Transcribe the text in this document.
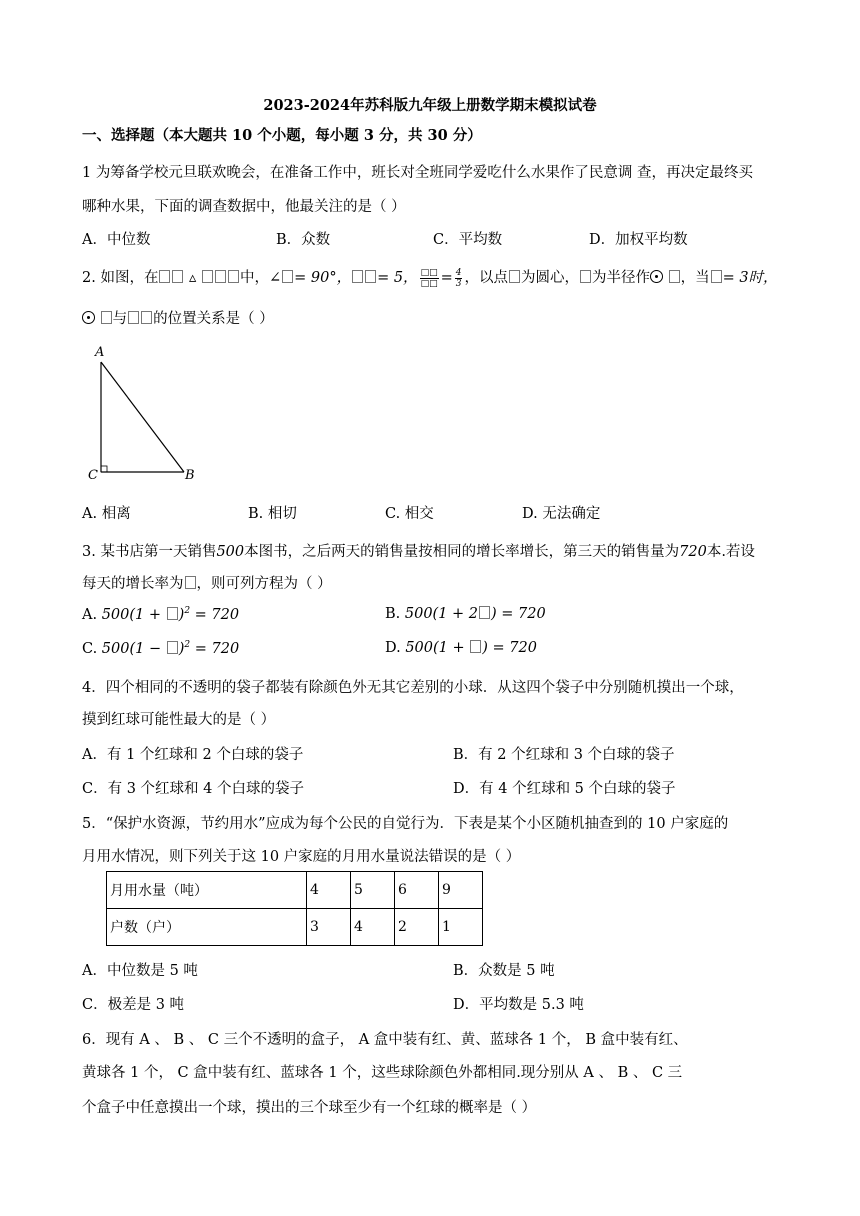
2023-2024年苏科版九年级上册数学期末模拟试卷
一、选择题（本大题共 10 个小题，每小题 3 分，共 30 分）
1 为筹备学校元旦联欢晚会，在准备工作中，班长对全班同学爱吃什么水果作了民意调 查，再决定最终买
哪种水果，下面的调查数据中，他最关注的是（ ）
A．中位数	B．众数	C．平均数	D．加权平均数
2. 如图，在 ▵	中，∠ = 90°， = 5， $\frac{□□}{□□} = \frac{4}{3}$ ，以点 为圆心， 为半径作 ，当 = 3时，
与 的位置关系是（ ）
A
C	B
A. 相离	B. 相切	C. 相交	D. 无法确定
3. 某书店第一天销售500本图书，之后两天的销售量按相同的增长率增长，第三天的销售量为720本.若设
每天的增长率为 ，则可列方程为（ ）
A. $500(1 + )^2 = 720$	B. 500(1 + 2 ) = 720
C. $500(1 - )^2 = 720$	D. 500(1 + ) = 720
4．四个相同的不透明的袋子都装有除颜色外无其它差别的小球．从这四个袋子中分别随机摸出一个球，
摸到红球可能性最大的是（ ）
A．有 1 个红球和 2 个白球的袋子	B．有 2 个红球和 3 个白球的袋子
C．有 3 个红球和 4 个白球的袋子	D．有 4 个红球和 5 个白球的袋子
5．“保护水资源，节约用水”应成为每个公民的自觉行为．下表是某个小区随机抽查到的 10 户家庭的
月用水情况，则下列关于这 10 户家庭的月用水量说法错误的是（ ）
月用水量（吨）	4	5	6	9
户数（户）	3	4	2	1
A．中位数是 5 吨	B．众数是 5 吨
C．极差是 3 吨	D．平均数是 5.3 吨
6．现有 A 、 B 、 C 三个不透明的盒子， A 盒中装有红、黄、蓝球各 1 个， B 盒中装有红、
黄球各 1 个， C 盒中装有红、蓝球各 1 个，这些球除颜色外都相同.现分别从 A 、 B 、 C 三
个盒子中任意摸出一个球，摸出的三个球至少有一个红球的概率是（ ）
